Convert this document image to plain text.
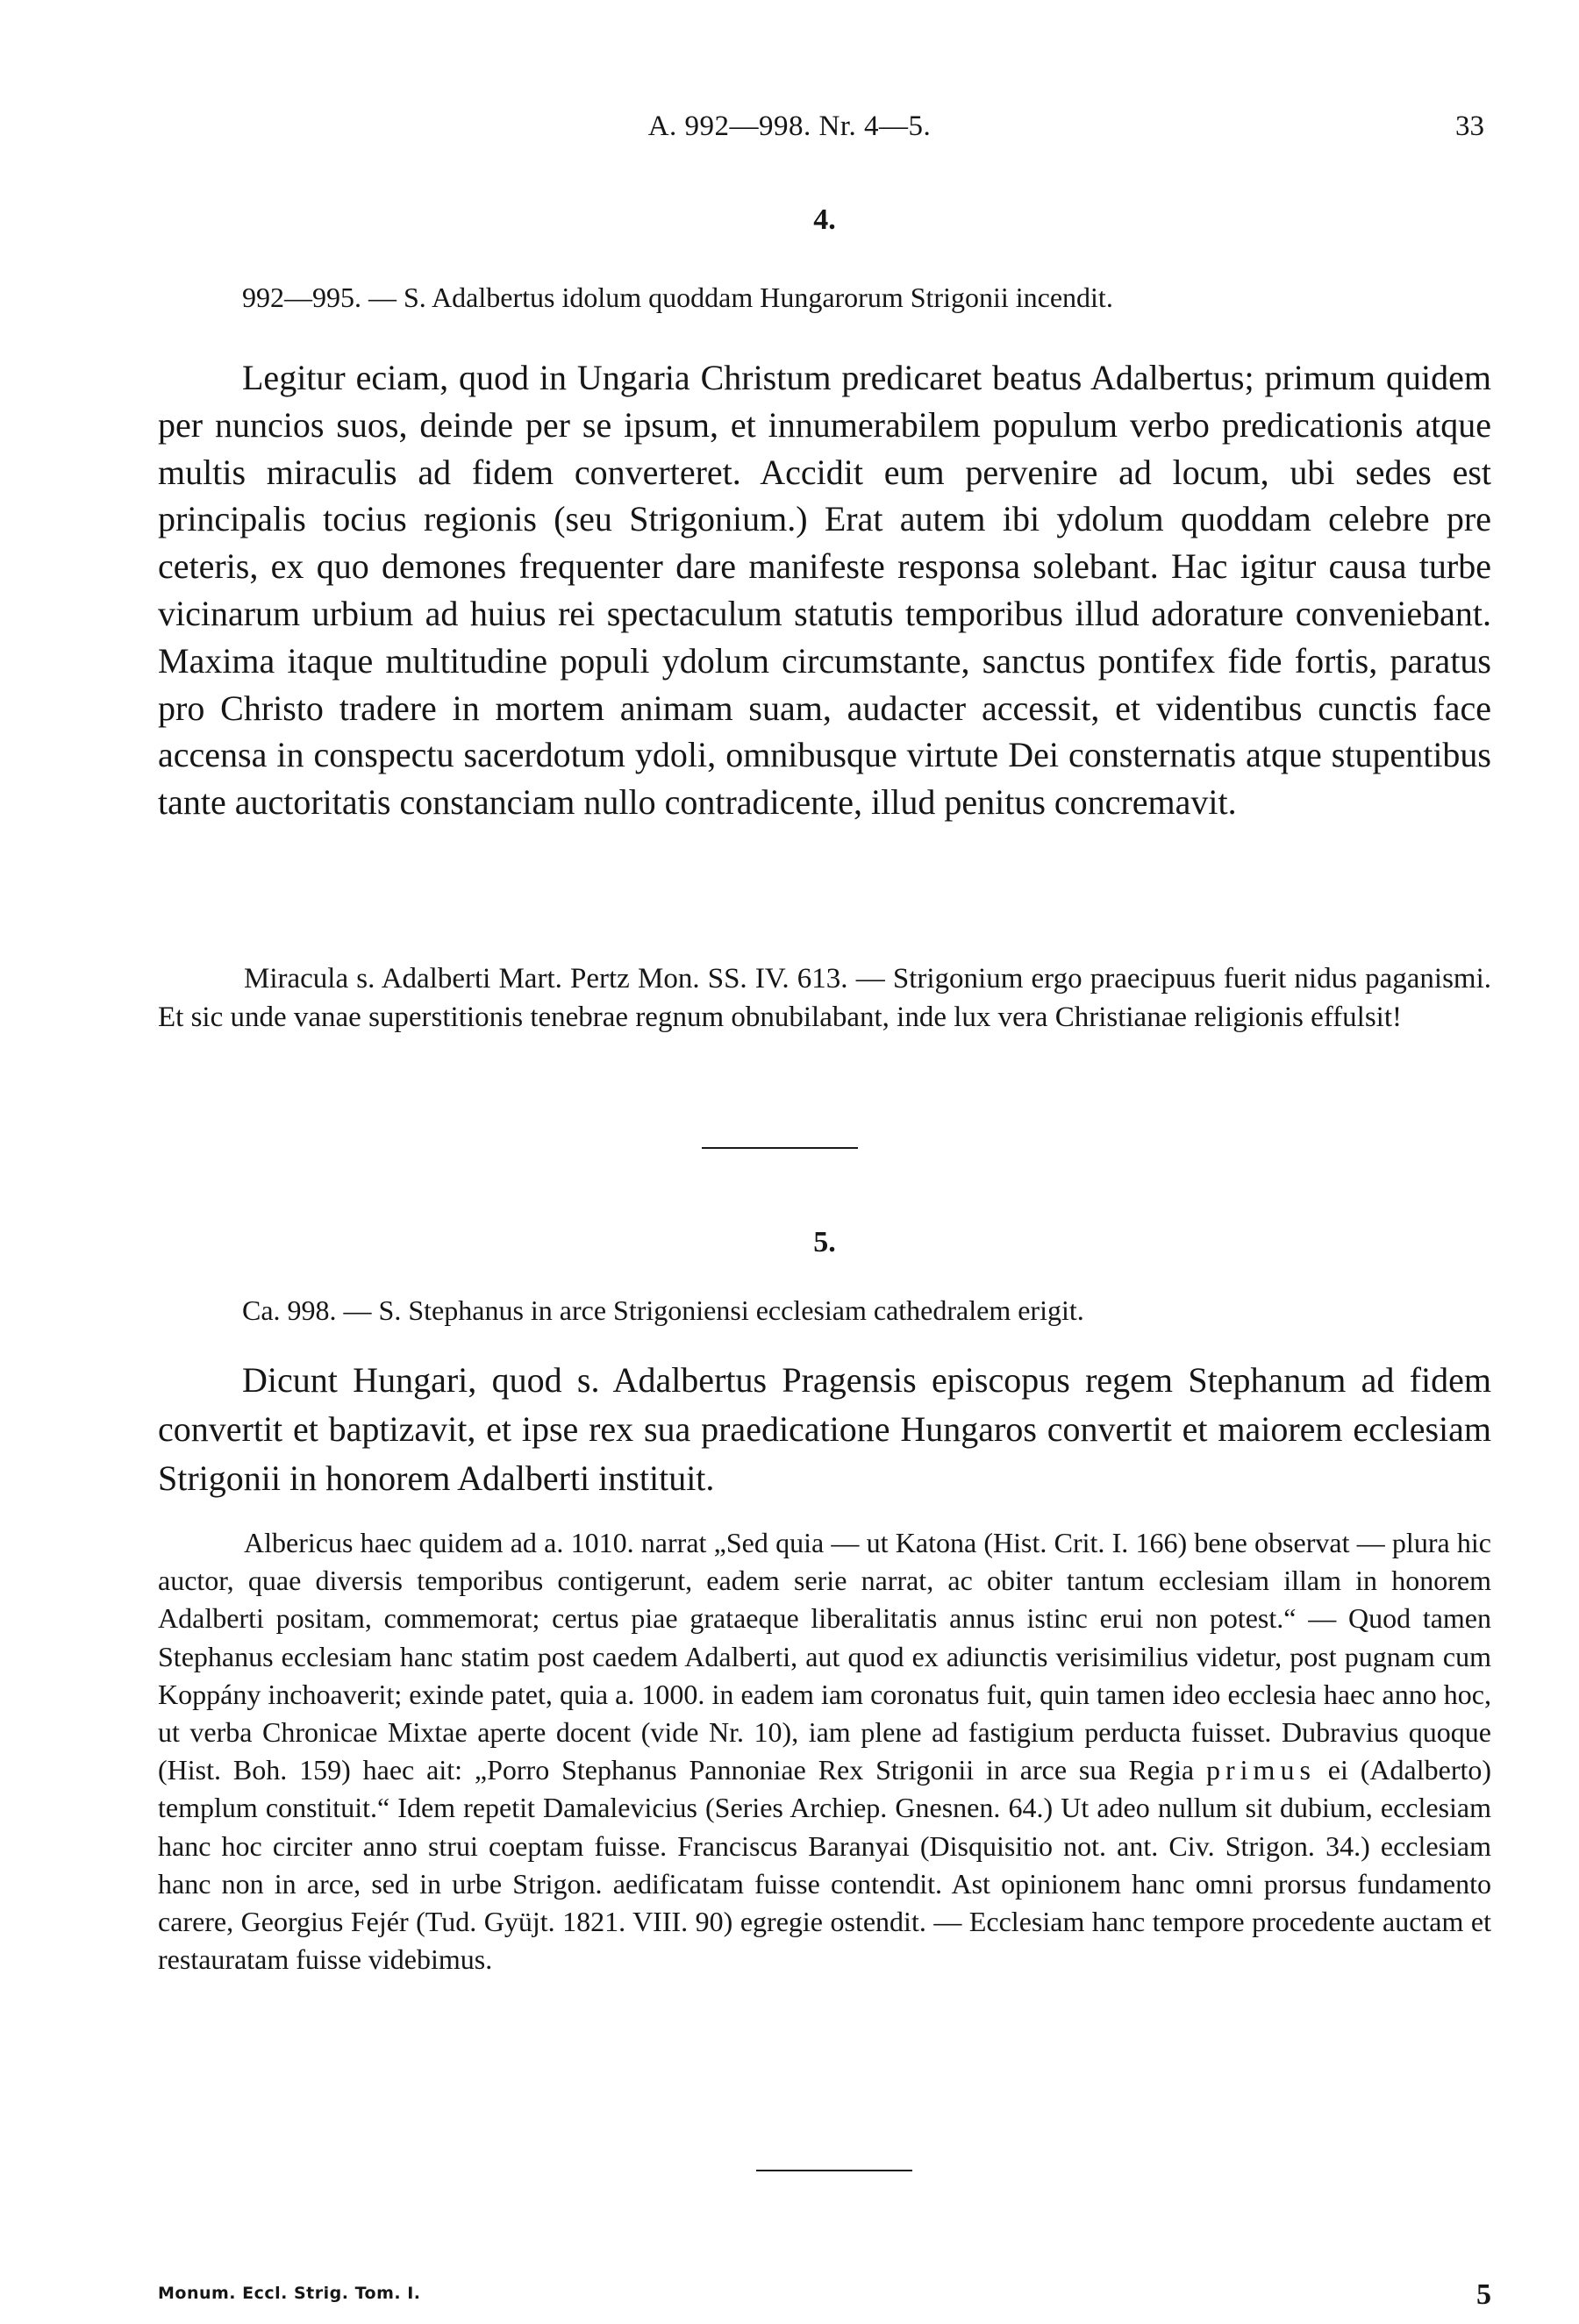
A. 992—998. Nr. 4—5.	33
4.
992—995. — S. Adalbertus idolum quoddam Hungarorum Strigonii incendit.

Legitur eciam, quod in Ungaria Christum predicaret beatus Adalbertus; primum quidem per nuncios suos, deinde per se ipsum, et innumerabilem populum verbo predicationis atque multis miraculis ad fidem converteret. Accidit eum pervenire ad locum, ubi sedes est principalis tocius regionis (seu Strigonium.) Erat autem ibi ydolum quoddam celebre pre ceteris, ex quo demones frequenter dare manifeste responsa solebant. Hac igitur causa turbe vicinarum urbium ad huius rei spectaculum statutis temporibus illud adorature conveniebant. Maxima itaque multitudine populi ydolum circumstante, sanctus pontifex fide fortis, paratus pro Christo tradere in mortem animam suam, audacter accessit, et videntibus cunctis face accensa in conspectu sacerdotum ydoli, omnibusque virtute Dei consternatis atque stupentibus tante auctoritatis constanciam nullo contradicente, illud penitus concremavit.

Miracula s. Adalberti Mart. Pertz Mon. SS. IV. 613. — Strigonium ergo praecipuus fuerit nidus paganismi. Et sic unde vanae superstitionis tenebrae regnum obnubilabant, inde lux vera Christianae religionis effulsit!

5.
Ca. 998. — S. Stephanus in arce Strigoniensi ecclesiam cathedralem erigit.

Dicunt Hungari, quod s. Adalbertus Pragensis episcopus regem Stephanum ad fidem convertit et baptizavit, et ipse rex sua praedicatione Hungaros convertit et maiorem ecclesiam Strigonii in honorem Adalberti instituit.

Albericus haec quidem ad a. 1010. narrat „Sed quia — ut Katona (Hist. Crit. I. 166) bene observat — plura hic auctor, quae diversis temporibus contigerunt, eadem serie narrat, ac obiter tantum ecclesiam illam in honorem Adalberti positam, commemorat; certus piae grataeque liberalitatis annus istinc erui non potest.“ — Quod tamen Stephanus ecclesiam hanc statim post caedem Adalberti, aut quod ex adiunctis verisimilius videtur, post pugnam cum Koppány inchoaverit; exinde patet, quia a. 1000. in eadem iam coronatus fuit, quin tamen ideo ecclesia haec anno hoc, ut verba Chronicae Mixtae aperte docent (vide Nr. 10), iam plene ad fastigium perducta fuisset. Dubravius quoque (Hist. Boh. 159) haec ait: „Porro Stephanus Pannoniae Rex Strigonii in arce sua Regia primus ei (Adalberto) templum constituit.“ Idem repetit Damalevicius (Series Archiep. Gnesnen. 64.) Ut adeo nullum sit dubium, ecclesiam hanc hoc circiter anno strui coeptam fuisse. Franciscus Baranyai (Disquisitio not. ant. Civ. Strigon. 34.) ecclesiam hanc non in arce, sed in urbe Strigon. aedificatam fuisse contendit. Ast opinionem hanc omni prorsus fundamento carere, Georgius Fejér (Tud. Gyüjt. 1821. VIII. 90) egregie ostendit. — Ecclesiam hanc tempore procedente auctam et restauratam fuisse videbimus.

Monum. Eccl. Strig. Tom. I.	5
